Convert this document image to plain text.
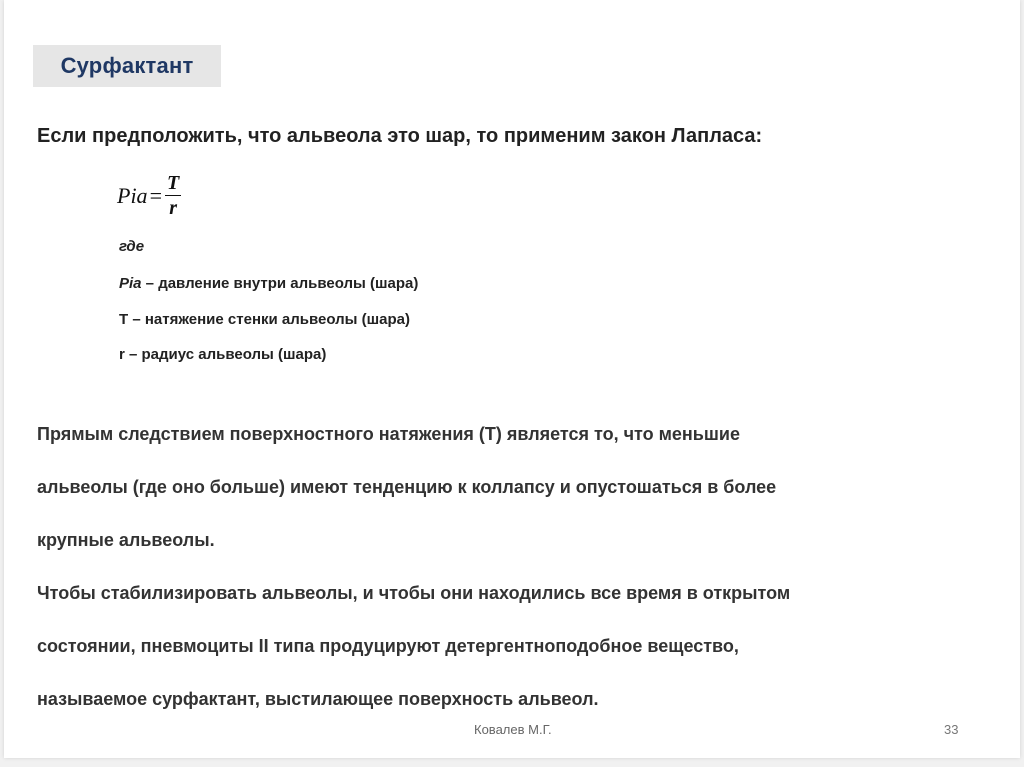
Сурфактант
Если предположить, что альвеола это шар, то применим закон Лапласа:
Pia = $\frac{T}{r}$
где
Pia – давление внутри альвеолы (шара)
T – натяжение стенки альвеолы (шара)
r – радиус альвеолы (шара)
Прямым следствием поверхностного натяжения (T) является то, что меньшие
альвеолы (где оно больше) имеют тенденцию к коллапсу и опустошаться в более
крупные альвеолы.
Чтобы стабилизировать альвеолы, и чтобы они находились все время в открытом
состоянии, пневмоциты II типа продуцируют детергентноподобное вещество,
называемое сурфактант, выстилающее поверхность альвеол.
Ковалев М.Г.	33
